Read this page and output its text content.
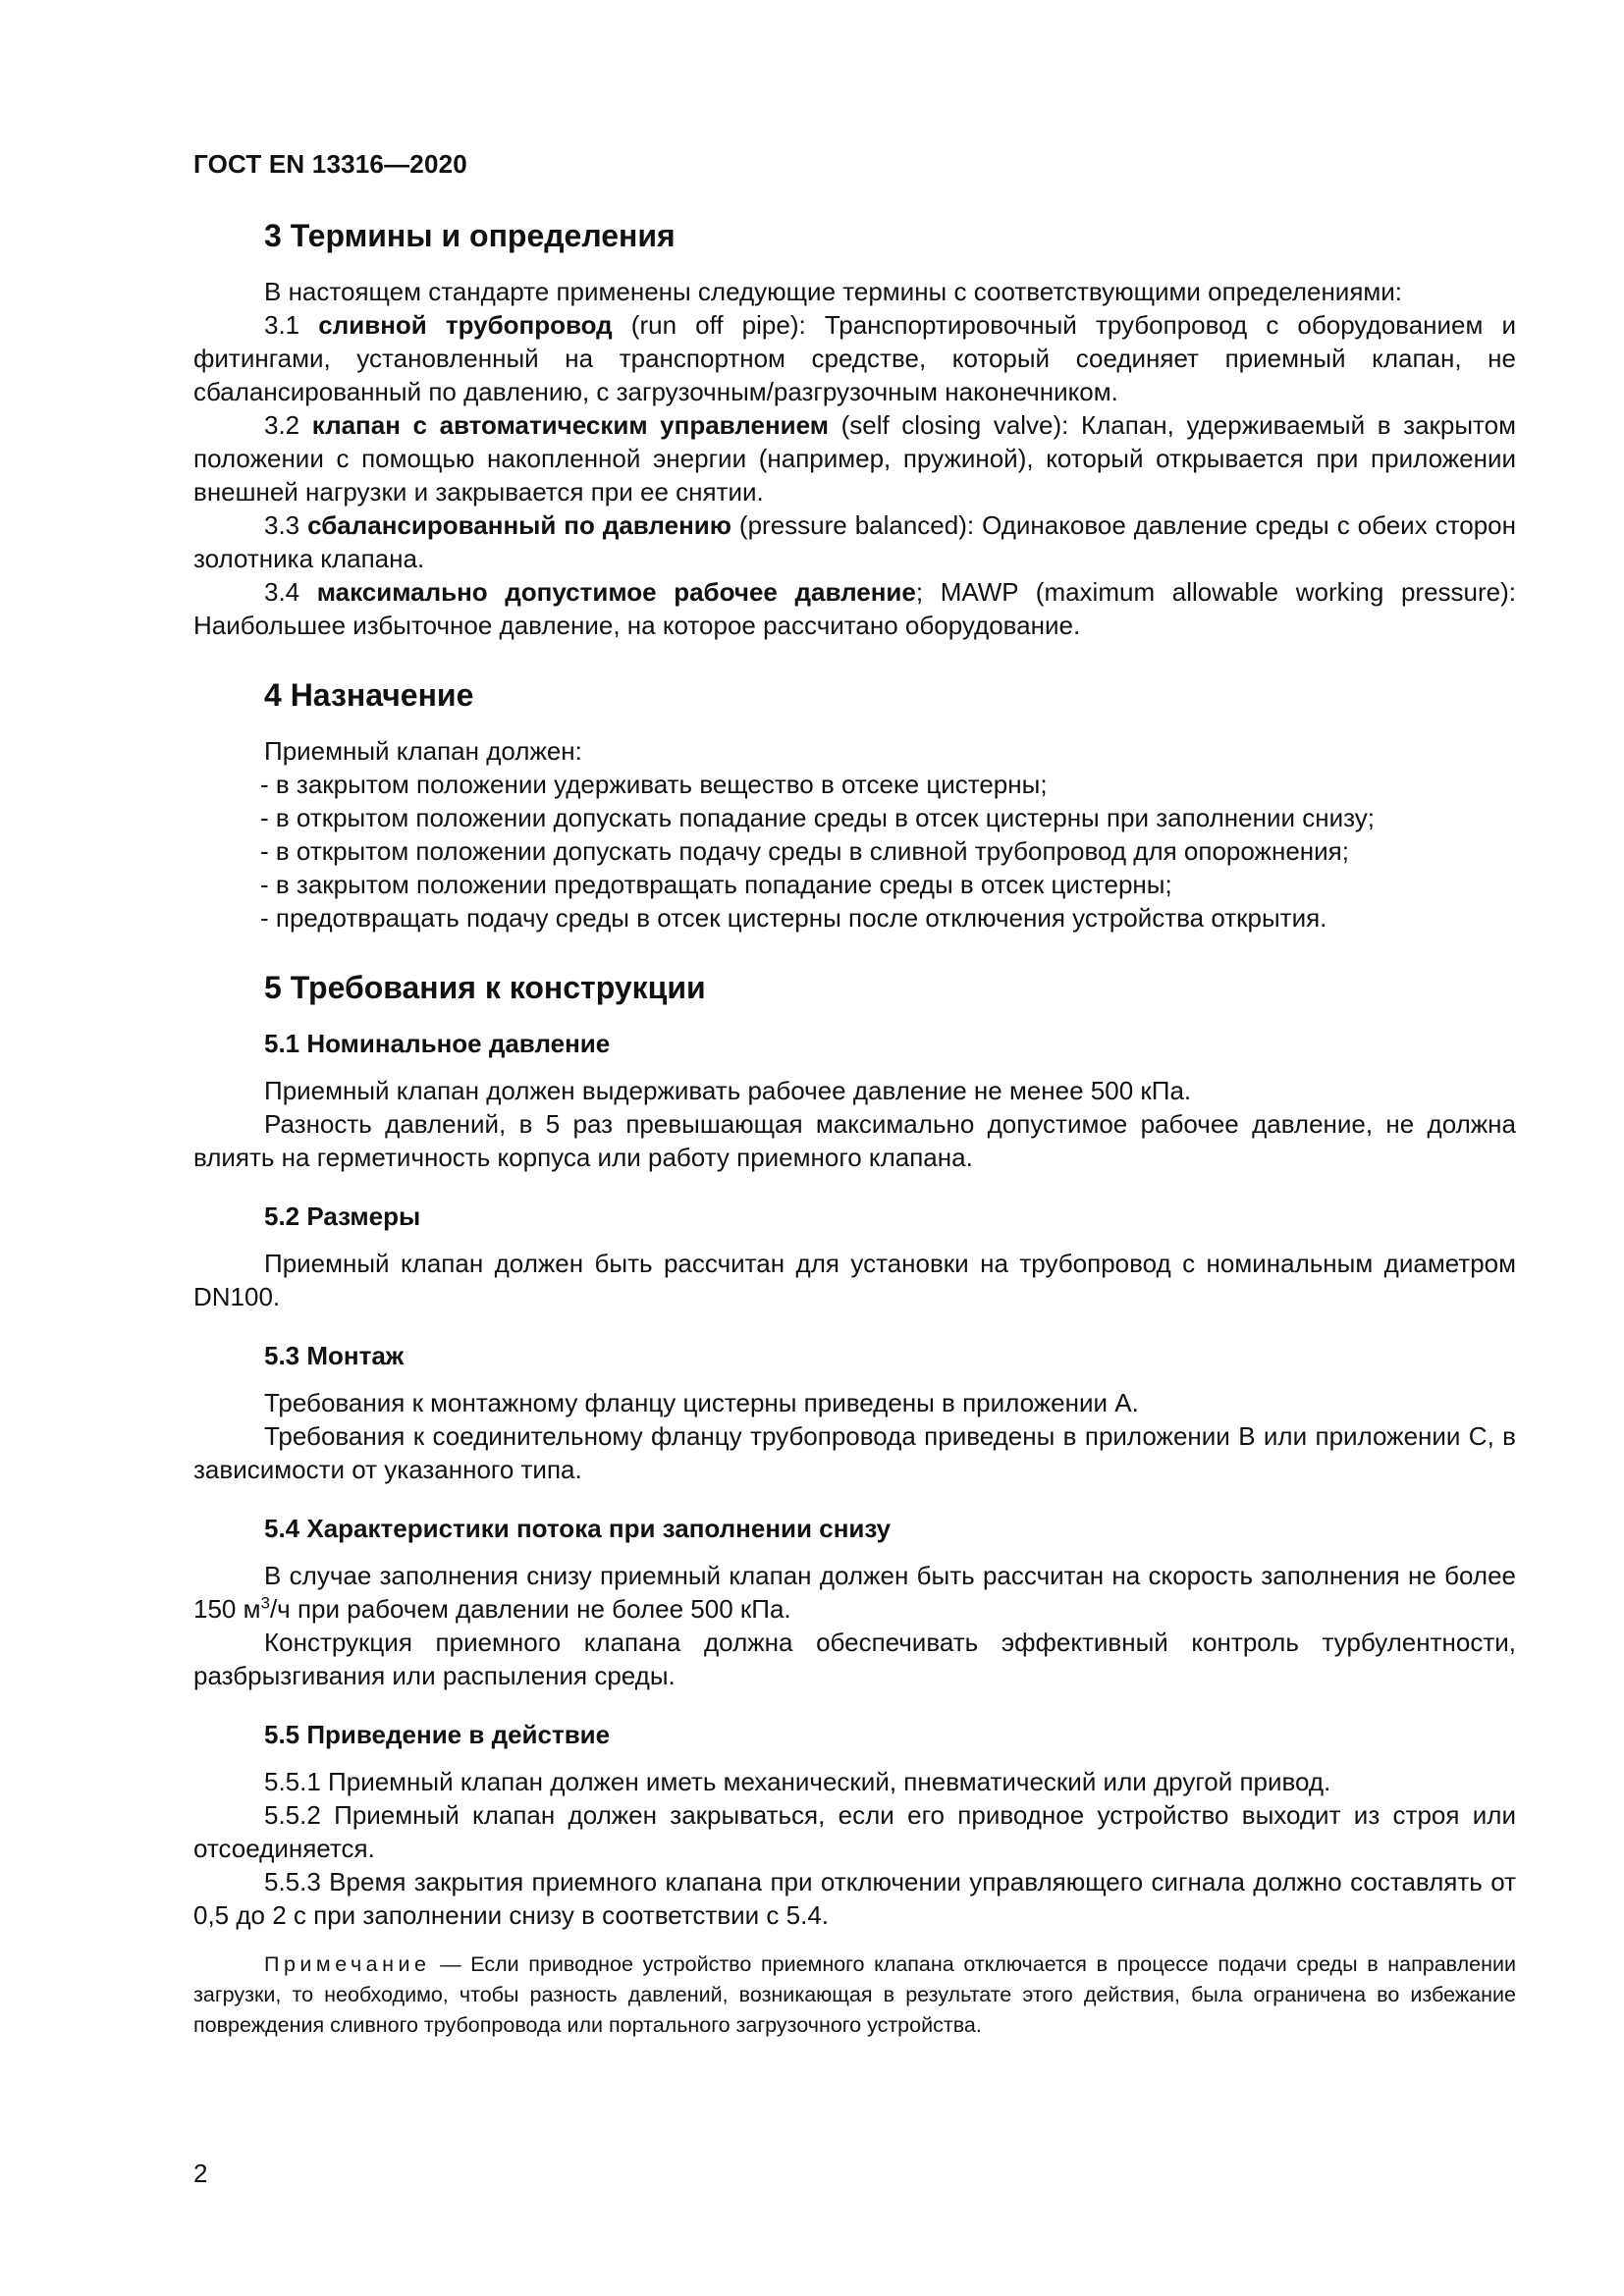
ГОСТ EN 13316—2020
3 Термины и определения

В настоящем стандарте применены следующие термины с соответствующими определениями:

3.1 сливной трубопровод (run off pipe): Транспортировочный трубопровод с оборудованием и фитингами, установленный на транспортном средстве, который соединяет приемный клапан, не сбалансированный по давлению, с загрузочным/разгрузочным наконечником.

3.2 клапан с автоматическим управлением (self closing valve): Клапан, удерживаемый в закрытом положении с помощью накопленной энергии (например, пружиной), который открывается при приложении внешней нагрузки и закрывается при ее снятии.

3.3 сбалансированный по давлению (pressure balanced): Одинаковое давление среды с обеих сторон золотника клапана.

3.4 максимально допустимое рабочее давление; MAWP (maximum allowable working pressure): Наибольшее избыточное давление, на которое рассчитано оборудование.

4 Назначение

Приемный клапан должен:

- в закрытом положении удерживать вещество в отсеке цистерны;
- в открытом положении допускать попадание среды в отсек цистерны при заполнении снизу;
- в открытом положении допускать подачу среды в сливной трубопровод для опорожнения;
- в закрытом положении предотвращать попадание среды в отсек цистерны;
- предотвращать подачу среды в отсек цистерны после отключения устройства открытия.
5 Требования к конструкции
5.1 Номинальное давление

Приемный клапан должен выдерживать рабочее давление не менее 500 кПа.

Разность давлений, в 5 раз превышающая максимально допустимое рабочее давление, не должна влиять на герметичность корпуса или работу приемного клапана.

5.2 Размеры

Приемный клапан должен быть рассчитан для установки на трубопровод с номинальным диаметром DN100.

5.3 Монтаж

Требования к монтажному фланцу цистерны приведены в приложении А.

Требования к соединительному фланцу трубопровода приведены в приложении В или приложении С, в зависимости от указанного типа.

5.4 Характеристики потока при заполнении снизу

В случае заполнения снизу приемный клапан должен быть рассчитан на скорость заполнения не более 150 $м^3/ч$ при рабочем давлении не более 500 кПа.

Конструкция приемного клапана должна обеспечивать эффективный контроль турбулентности, разбрызгивания или распыления среды.

5.5 Приведение в действие

5.5.1 Приемный клапан должен иметь механический, пневматический или другой привод.

5.5.2 Приемный клапан должен закрываться, если его приводное устройство выходит из строя или отсоединяется.

5.5.3 Время закрытия приемного клапана при отключении управляющего сигнала должно составлять от 0,5 до 2 с при заполнении снизу в соответствии с 5.4.

Примечание — Если приводное устройство приемного клапана отключается в процессе подачи среды в направлении загрузки, то необходимо, чтобы разность давлений, возникающая в результате этого действия, была ограничена во избежание повреждения сливного трубопровода или портального загрузочного устройства.

2
